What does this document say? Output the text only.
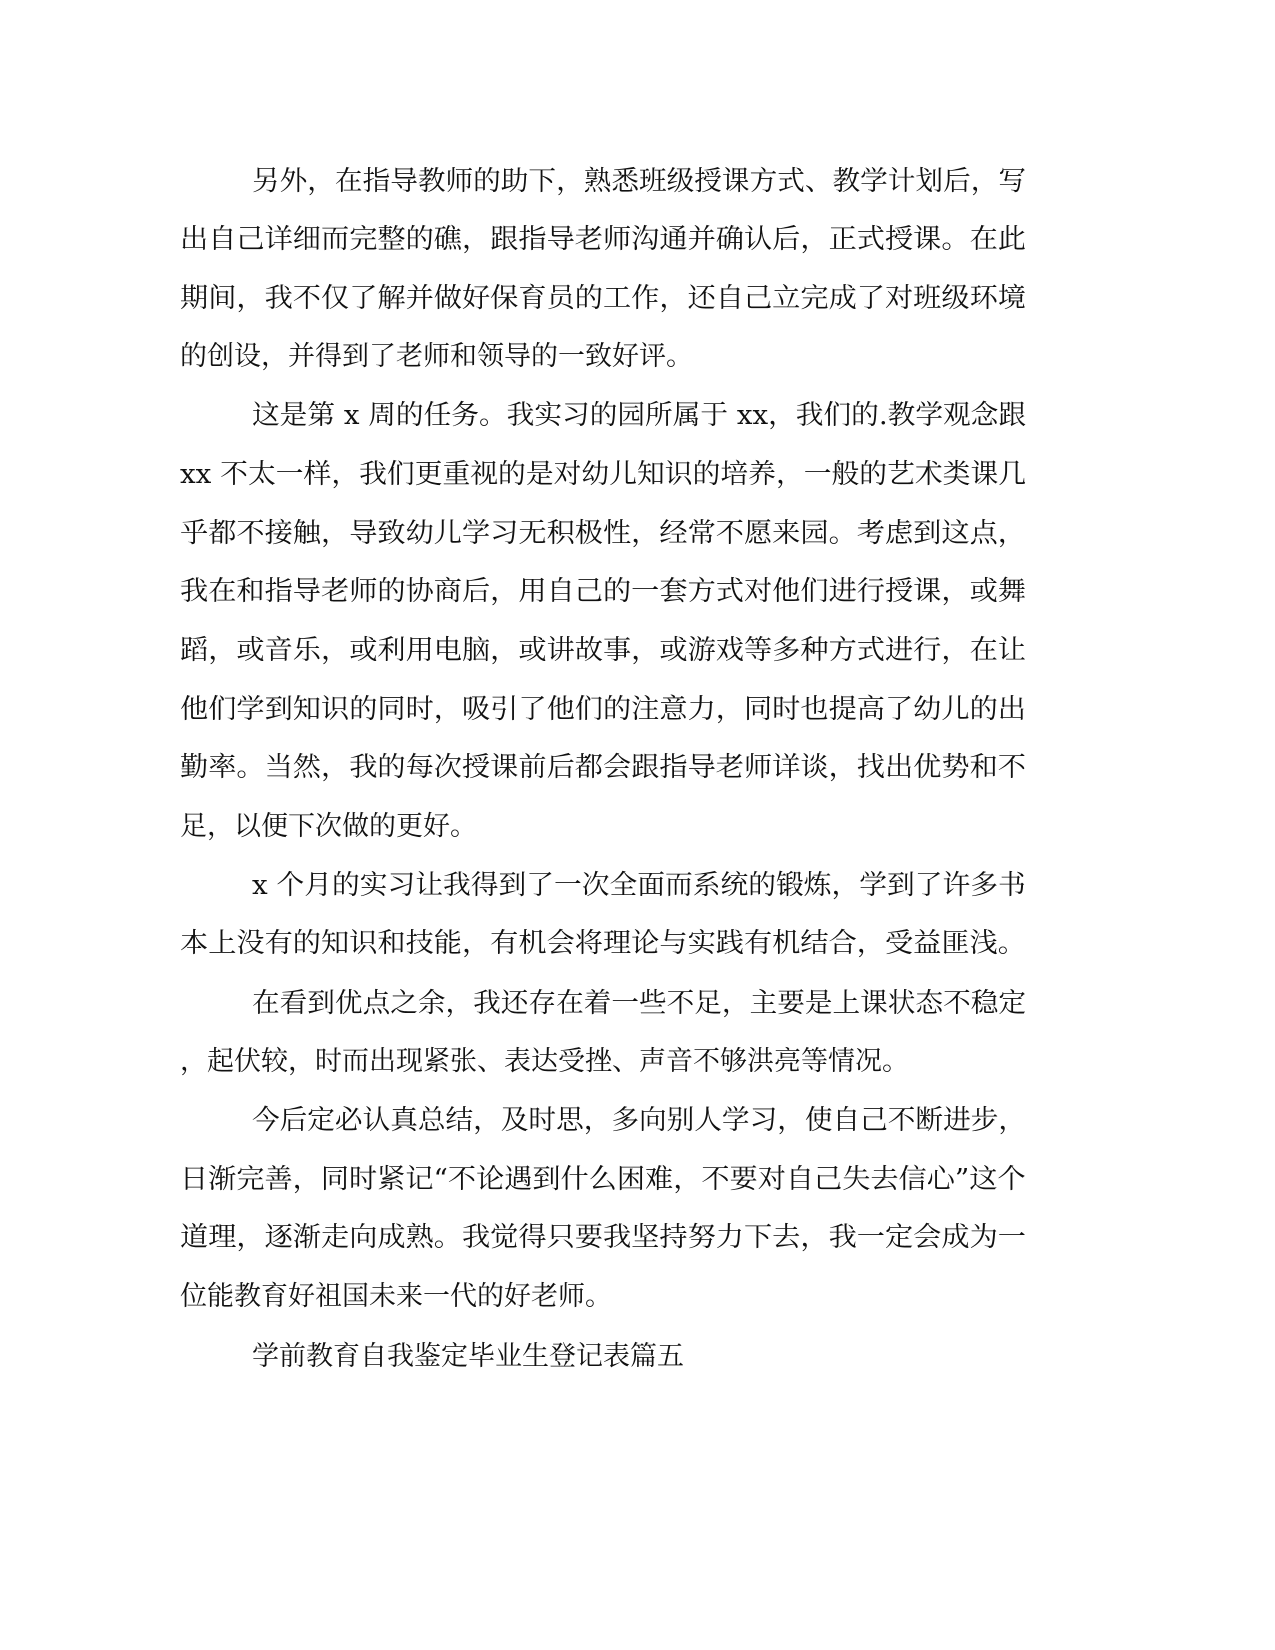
另外，在指导教师的助下，熟悉班级授课方式、教学计划后，写
出自己详细而完整的礁，跟指导老师沟通并确认后，正式授课。在此
期间，我不仅了解并做好保育员的工作，还自己立完成了对班级环境
的创设，并得到了老师和领导的一致好评。
这是第 x 周的任务。我实习的园所属于 xx，我们的.教学观念跟
xx 不太一样，我们更重视的是对幼儿知识的培养，一般的艺术类课几
乎都不接触，导致幼儿学习无积极性，经常不愿来园。考虑到这点，
我在和指导老师的协商后，用自己的一套方式对他们进行授课，或舞
蹈，或音乐，或利用电脑，或讲故事，或游戏等多种方式进行，在让
他们学到知识的同时，吸引了他们的注意力，同时也提高了幼儿的出
勤率。当然，我的每次授课前后都会跟指导老师详谈，找出优势和不
足，以便下次做的更好。
x 个月的实习让我得到了一次全面而系统的锻炼，学到了许多书
本上没有的知识和技能，有机会将理论与实践有机结合，受益匪浅。
在看到优点之余，我还存在着一些不足，主要是上课状态不稳定
，起伏较，时而出现紧张、表达受挫、声音不够洪亮等情况。
今后定必认真总结，及时思，多向别人学习，使自己不断进步，
日渐完善，同时紧记“不论遇到什么困难，不要对自己失去信心”这个
道理，逐渐走向成熟。我觉得只要我坚持努力下去，我一定会成为一
位能教育好祖国未来一代的好老师。
学前教育自我鉴定毕业生登记表篇五
